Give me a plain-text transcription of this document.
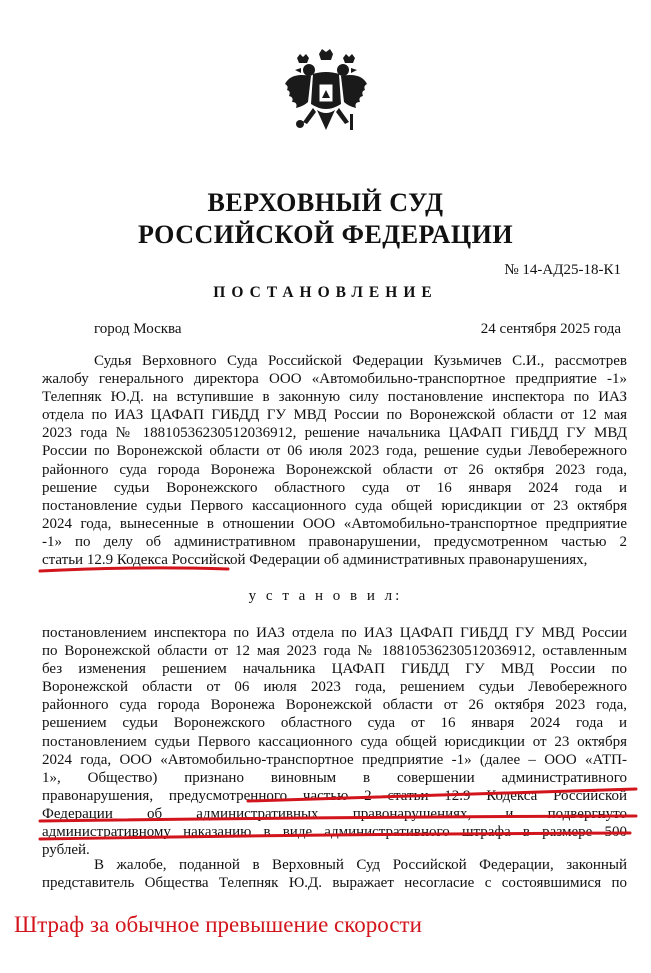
ВЕРХОВНЫЙ СУД
РОССИЙСКОЙ ФЕДЕРАЦИИ
№ 14-АД25-18-К1
ПОСТАНОВЛЕНИЕ
город Москва	24 сентября 2025 года
Судья Верховного Суда Российской Федерации Кузьмичев С.И., рассмотрев
жалобу генерального директора ООО «Автомобильно-транспортное предприятие -1»
Телепняк Ю.Д. на вступившие в законную силу постановление инспектора по ИАЗ
отдела по ИАЗ ЦАФАП ГИБДД ГУ МВД России по Воронежской области от 12 мая
2023 года № 18810536230512036912, решение начальника ЦАФАП ГИБДД ГУ МВД
России по Воронежской области от 06 июля 2023 года, решение судьи Левобережного
районного суда города Воронежа Воронежской области от 26 октября 2023 года,
решение судьи Воронежского областного суда от 16 января 2024 года и
постановление судьи Первого кассационного суда общей юрисдикции от 23 октября
2024 года, вынесенные в отношении ООО «Автомобильно-транспортное предприятие
-1» по делу об административном правонарушении, предусмотренном частью 2
статьи 12.9 Кодекса Российской Федерации об административных правонарушениях,
у с т а н о в и л:
постановлением инспектора по ИАЗ отдела по ИАЗ ЦАФАП ГИБДД ГУ МВД России
по Воронежской области от 12 мая 2023 года № 18810536230512036912, оставленным
без изменения решением начальника ЦАФАП ГИБДД ГУ МВД России по
Воронежской области от 06 июля 2023 года, решением судьи Левобережного
районного суда города Воронежа Воронежской области от 26 октября 2023 года,
решением судьи Воронежского областного суда от 16 января 2024 года и
постановлением судьи Первого кассационного суда общей юрисдикции от 23 октября
2024 года, ООО «Автомобильно-транспортное предприятие -1» (далее – ООО «АТП-
1», Общество) признано виновным в совершении административного
правонарушения, предусмотренного частью 2 статьи 12.9 Кодекса Российской
Федерации об административных правонарушениях, и подвергнуто
административному наказанию в виде административного штрафа в размере 500
рублей.
В жалобе, поданной в Верховный Суд Российской Федерации, законный
представитель Общества Телепняк Ю.Д. выражает несогласие с состоявшимися по
Штраф за обычное превышение скорости
